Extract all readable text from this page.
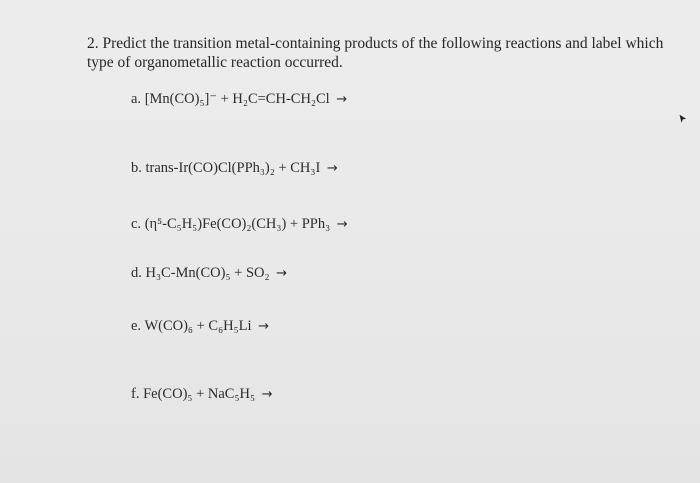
2. Predict the transition metal-containing products of the following reactions and label which
type of organometallic reaction occurred.
a. [Mn(CO)₅]⁻ + H₂C=CH-CH₂Cl →
b. trans-Ir(CO)Cl(PPh₃)₂ + CH₃I →
c. (η⁵-C₅H₅)Fe(CO)₂(CH₃) + PPh₃ →
d. H₃C-Mn(CO)₅ + SO₂ →
e. W(CO)₆ + C₆H₅Li →
f. Fe(CO)₅ + NaC₅H₅ →
